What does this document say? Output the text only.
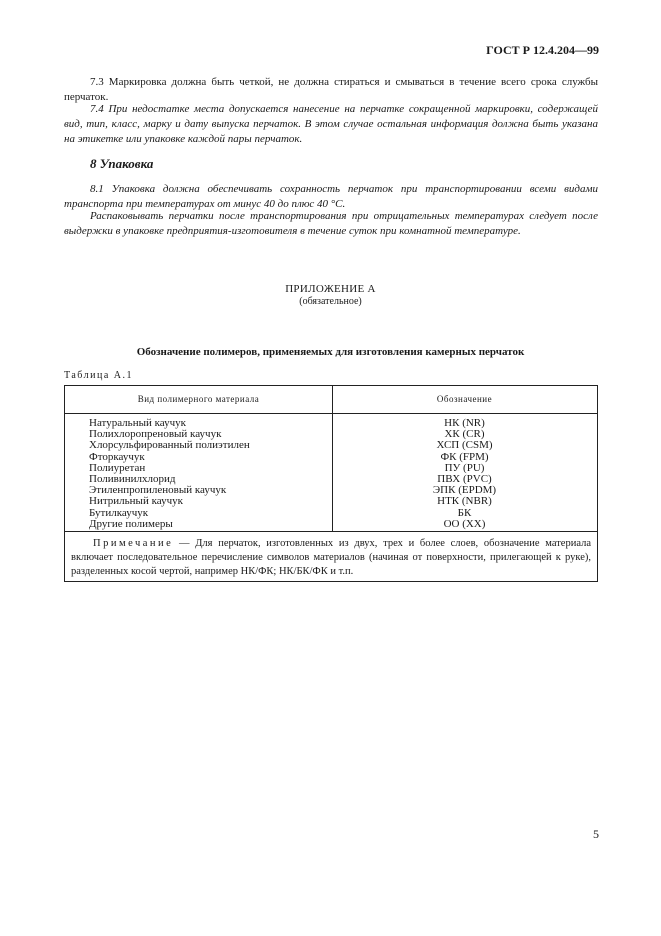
ГОСТ Р 12.4.204—99

7.3 Маркировка должна быть четкой, не должна стираться и смываться в течение всего срока службы перчаток.

7.4 При недостатке места допускается нанесение на перчатке сокращенной маркировки, содержащей вид, тип, класс, марку и дату выпуска перчаток. В этом случае остальная информация должна быть указана на этикетке или упаковке каждой пары перчаток.

8 Упаковка

8.1 Упаковка должна обеспечивать сохранность перчаток при транспортировании всеми видами транспорта при температурах от минус 40 до плюс 40 °С.

Распаковывать перчатки после транспортирования при отрицательных температурах следует после выдержки в упаковке предприятия-изготовителя в течение суток при комнатной температуре.

ПРИЛОЖЕНИЕ А
(обязательное)
Обозначение полимеров, применяемых для изготовления камерных перчаток
Таблица А.1
Вид полимерного материала	Обозначение
Натуральный каучук	НК (NR)
Полихлоропреновый каучук	ХК (CR)
Хлорсульфированный полиэтилен	ХСП (CSM)
Фторкаучук	ФК (FPM)
Полиуретан	ПУ (PU)
Поливинилхлорид	ПВХ (PVC)
Этиленпропиленовый каучук	ЭПК (EPDM)
Нитрильный каучук	НТК (NBR)
Бутилкаучук	БК
Другие полимеры	ОО (XX)

Примечание — Для перчаток, изготовленных из двух, трех и более слоев, обозначение материала включает последовательное перечисление символов материалов (начиная от поверхности, прилегающей к руке), разделенных косой чертой, например НК/ФК; НК/БК/ФК и т.п.

5
